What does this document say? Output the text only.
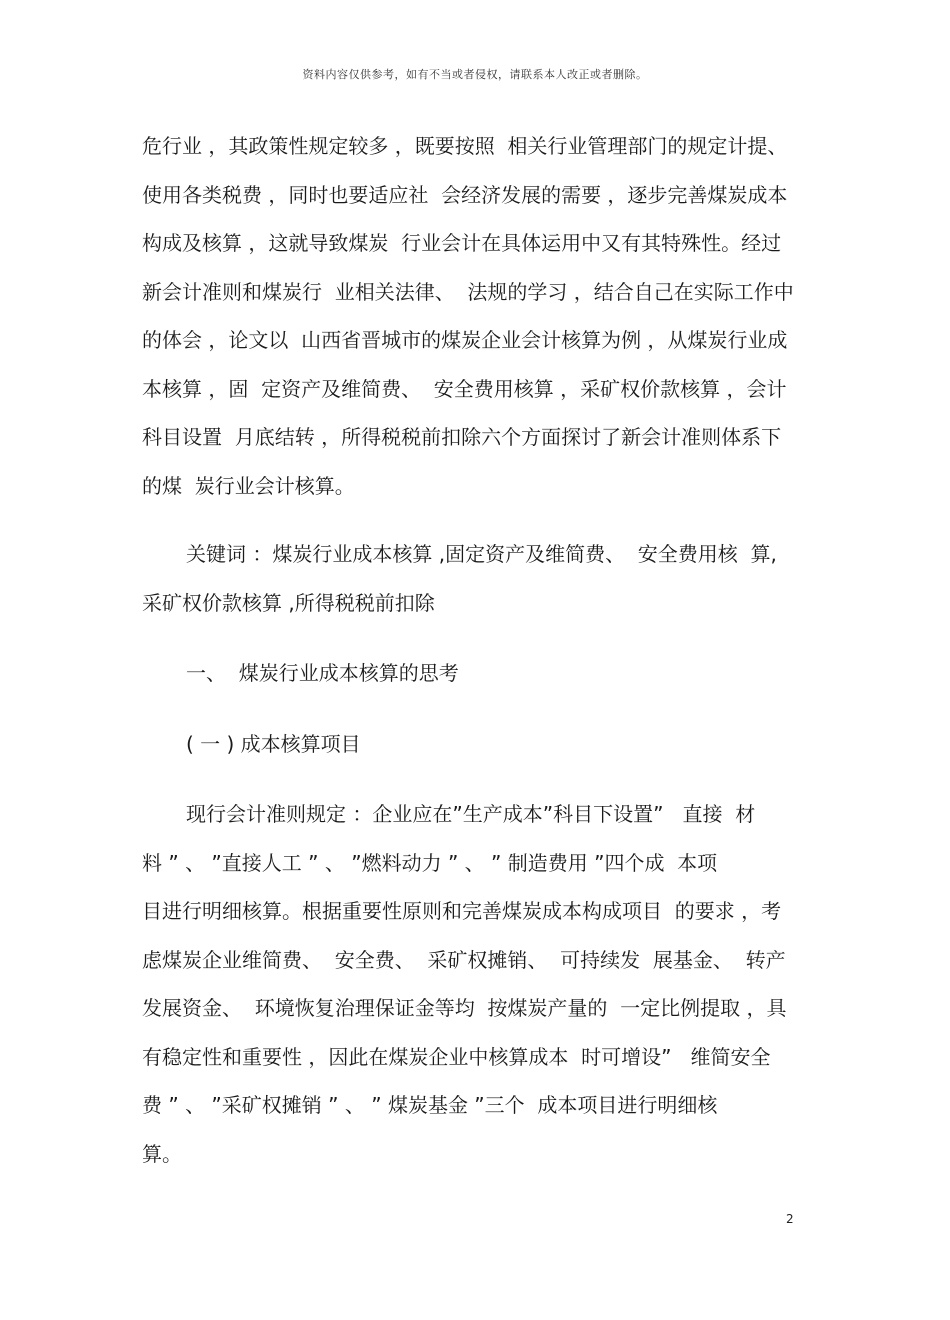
资料内容仅供参考，如有不当或者侵权，请联系本人改正或者删除。
危行业 ，其政策性规定较多 ，既要按照  相关行业管理部门的规定计提、
使用各类税费 ，同时也要适应社  会经济发展的需要 ，逐步完善煤炭成本
构成及核算 ，这就导致煤炭  行业会计在具体运用中又有其特殊性。经过
新会计准则和煤炭行  业相关法律、  法规的学习 ，结合自己在实际工作中
的体会 ，论文以  山西省晋城市的煤炭企业会计核算为例 ，从煤炭行业成
本核算 ，固  定资产及维简费、  安全费用核算 ，采矿权价款核算 ，会计
科目设置  月底结转 ，所得税税前扣除六个方面探讨了新会计准则体系下
的煤  炭行业会计核算。
关键词 ：煤炭行业成本核算 ,固定资产及维简费、  安全费用核  算,
采矿权价款核算 ,所得税税前扣除
一、  煤炭行业成本核算的思考
( 一 ) 成本核算项目
现行会计准则规定 ：企业应在”生产成本”科目下设置”   直接  材
料 ” 、 ”直接人工 ” 、 ”燃料动力 ” 、 ” 制造费用 ”四个成  本项
目进行明细核算。根据重要性原则和完善煤炭成本构成项目  的要求 ，考
虑煤炭企业维简费、  安全费、  采矿权摊销、  可持续发  展基金、  转产
发展资金、  环境恢复治理保证金等均  按煤炭产量的  一定比例提取 ，具
有稳定性和重要性 ，因此在煤炭企业中核算成本  时可增设”   维简安全
费 ” 、 ”采矿权摊销 ” 、 ” 煤炭基金 ”三个  成本项目进行明细核
算。
2
